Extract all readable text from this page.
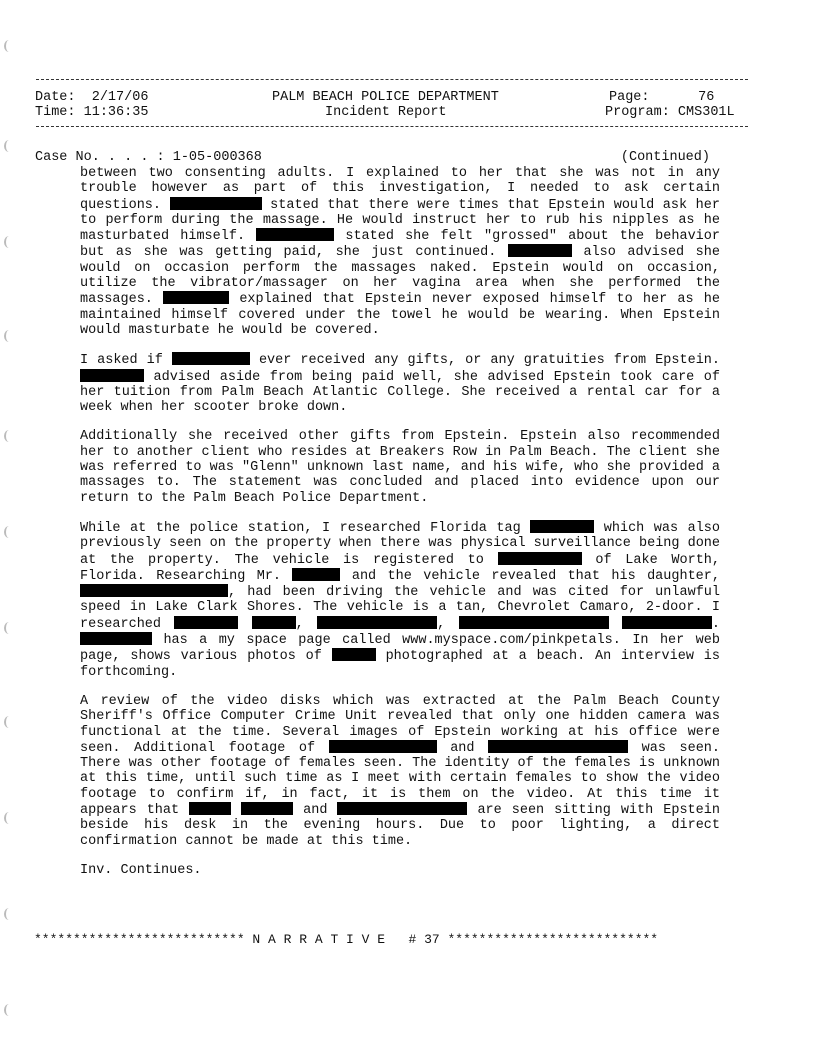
Date: 2/17/06
Time: 11:36:35
PALM BEACH POLICE DEPARTMENT
Incident Report
Page:	76
Program: CMS301L
Case No. . . . : 1-05-000368	(Continued)

between two consenting adults. I explained to her that she was not in any trouble however as part of this investigation, I needed to ask certain questions.	stated that there were times that Epstein would ask her to perform during the massage. He would instruct her to rub his nipples as he masturbated himself.	stated she felt "grossed" about the behavior but as she was getting paid, she just continued.	also advised she would on occasion perform the massages naked. Epstein would on occasion, utilize the vibrator/massager on her vagina area when she performed the massages.	explained that Epstein never exposed himself to her as he maintained himself covered under the towel he would be wearing. When Epstein would masturbate he would be covered.

I asked if	ever received any gifts, or any gratuities from Epstein.  advised aside from being paid well, she advised Epstein took care of her tuition from Palm Beach Atlantic College. She received a rental car for a week when her scooter broke down.

Additionally she received other gifts from Epstein. Epstein also recommended her to another client who resides at Breakers Row in Palm Beach. The client she was referred to was "Glenn" unknown last name, and his wife, who she provided a massages to. The statement was concluded and placed into evidence upon our return to the Palm Beach Police Department.

While at the police station, I researched Florida tag	which was also previously seen on the property when there was physical surveillance being done at the property. The vehicle is registered to	of Lake Worth, Florida. Researching Mr.	and the vehicle revealed that his daughter, , had been driving the vehicle and was cited for unlawful speed in Lake Clark Shores. The vehicle is a tan, Chevrolet Camaro, 2-door. I researched	,	,	.  has a my space page called www.myspace.com/pinkpetals. In her web page, shows various photos of	photographed at a beach. An interview is forthcoming.

A review of the video disks which was extracted at the Palm Beach County Sheriff's Office Computer Crime Unit revealed that only one hidden camera was functional at the time. Several images of Epstein working at his office were seen. Additional footage of	and	was seen. There was other footage of females seen. The identity of the females is unknown at this time, until such time as I meet with certain females to show the video footage to confirm if, in fact, it is them on the video. At this time it appears that	and	are seen sitting with Epstein beside his desk in the evening hours. Due to poor lighting, a direct confirmation cannot be made at this time.

Inv. Continues.

*************************** N A R R A T I V E   # 37 ***************************
